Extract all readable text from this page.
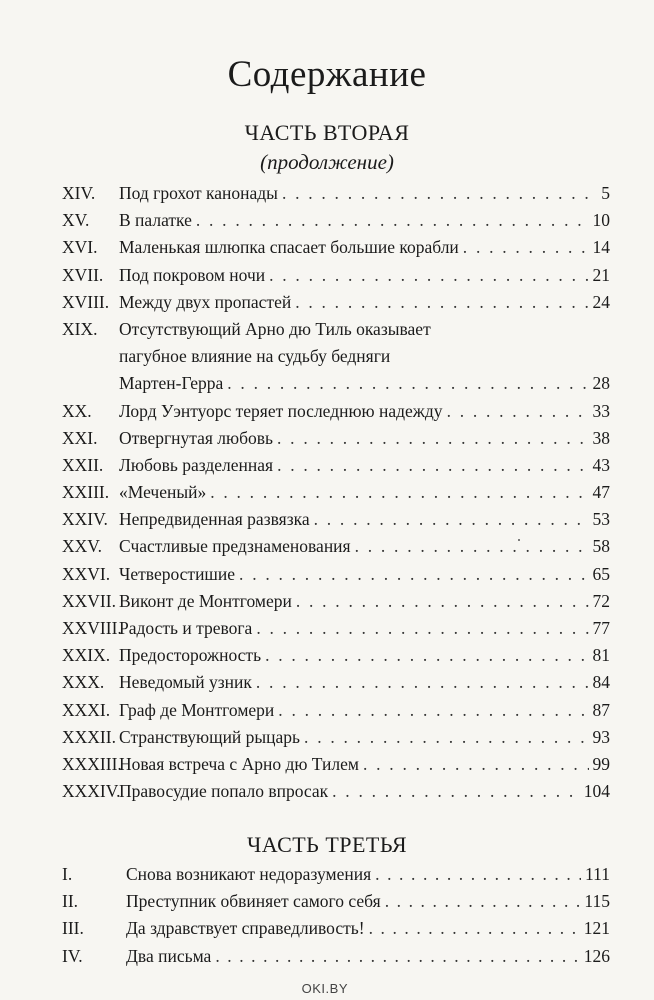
Содержание
ЧАСТЬ ВТОРАЯ
(продолжение)
XIV.	Под грохот канонады . . .	5
XV.	В палатке . . .	10
XVI.	Маленькая шлюпка спасает большие корабли . . .	14
XVII. Под покровом ночи . . .	21
XVIII. Между двух пропастей . . .	24
XIX.	Отсутствующий Арно дю Тиль оказывает
пагубное влияние на судьбу бедняги
Мартен-Герра . . .	28
XX.	Лорд Уэнтуорс теряет последнюю надежду . . .	33
XXI.	Отвергнутая любовь . . .	38
XXII. Любовь разделенная . . .	43
XXIII. «Меченый» . . .	47
XXIV. Непредвиденная развязка . . .	53
XXV. Счастливые предзнаменования . . .	58
XXVI. Четверостишие . . .	65
XXVII. Виконт де Монтгомери . . .	72
XXVIII.
Радость и тревога . . .	77
XXIX. Предосторожность . . .	81
XXX. Неведомый узник . . .	84
XXXI. Граф де Монтгомери . . .	87
XXXII. Странствующий рыцарь . . .	93
XXXIII.
Новая встреча с Арно дю Тилем . . .	99
XXXIV.
Правосудие попало впросак . . .	104
ЧАСТЬ ТРЕТЬЯ
I.	Снова возникают недоразумения . . .	111
II.	Преступник обвиняет самого себя . . .	115
III.	Да здравствует справедливость! . . .	121
IV.	Два письма . . .	126
OKI.BY
